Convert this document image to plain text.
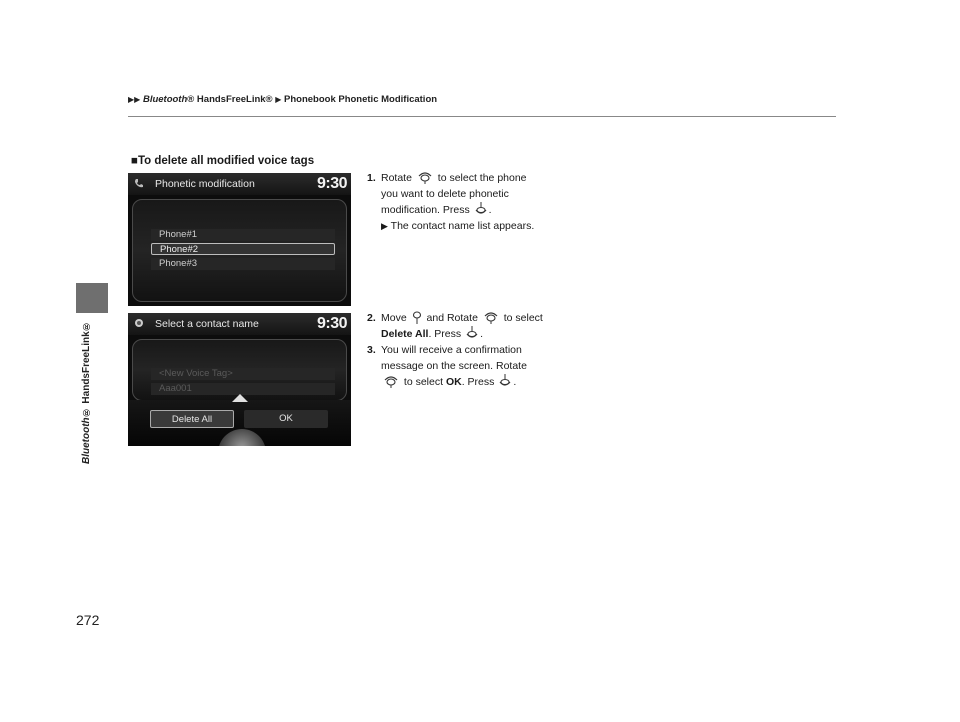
Bluetooth® HandsFreeLink®
▶▶ Bluetooth® HandsFreeLink® ▶ Phonebook Phonetic Modification
■To delete all modified voice tags
Phonetic modification	9:30
Phone#1
Phone#2
Phone#3
Select a contact name	9:30
<New Voice Tag>
Aaa001
Delete All	OK
1. Rotate to select the phone
you want to delete phonetic
modification. Press .
▶ The contact name list appears.
2. Move and Rotate to select
Delete All. Press .
3. You will receive a confirmation
message on the screen. Rotate
to select OK. Press .
272
